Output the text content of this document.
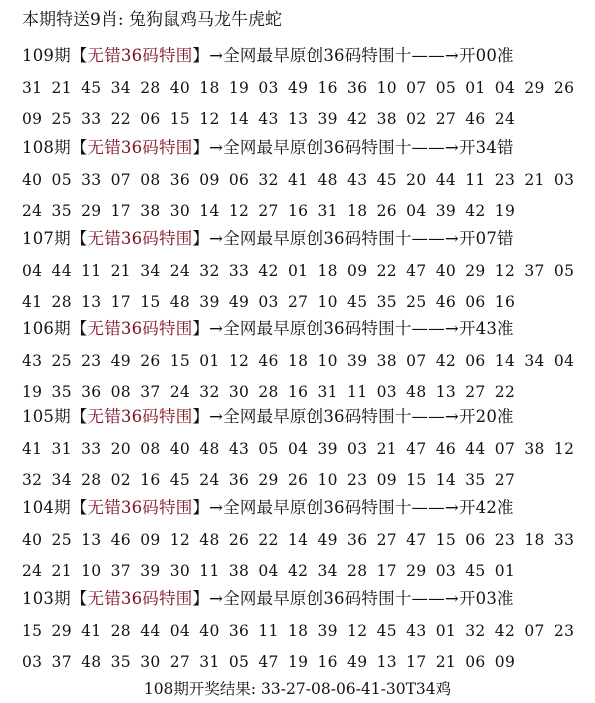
本期特送9肖: 兔狗鼠鸡马龙牛虎蛇
109期【无错36码特围】→全网最早原创36码特围十——→开00准
31 21 45 34 28 40 18 19 03 49 16 36 10 07 05 01 04 29 26
09 25 33 22 06 15 12 14 43 13 39 42 38 02 27 46 24
108期【无错36码特围】→全网最早原创36码特围十——→开34错
40 05 33 07 08 36 09 06 32 41 48 43 45 20 44 11 23 21 03
24 35 29 17 38 30 14 12 27 16 31 18 26 04 39 42 19
107期【无错36码特围】→全网最早原创36码特围十——→开07错
04 44 11 21 34 24 32 33 42 01 18 09 22 47 40 29 12 37 05
41 28 13 17 15 48 39 49 03 27 10 45 35 25 46 06 16
106期【无错36码特围】→全网最早原创36码特围十——→开43准
43 25 23 49 26 15 01 12 46 18 10 39 38 07 42 06 14 34 04
19 35 36 08 37 24 32 30 28 16 31 11 03 48 13 27 22
105期【无错36码特围】→全网最早原创36码特围十——→开20准
41 31 33 20 08 40 48 43 05 04 39 03 21 47 46 44 07 38 12
32 34 28 02 16 45 24 36 29 26 10 23 09 15 14 35 27
104期【无错36码特围】→全网最早原创36码特围十——→开42准
40 25 13 46 09 12 48 26 22 14 49 36 27 47 15 06 23 18 33
24 21 10 37 39 30 11 38 04 42 34 28 17 29 03 45 01
103期【无错36码特围】→全网最早原创36码特围十——→开03准
15 29 41 28 44 04 40 36 11 18 39 12 45 43 01 32 42 07 23
03 37 48 35 30 27 31 05 47 19 16 49 13 17 21 06 09
108期开奖结果: 33-27-08-06-41-30T34鸡
